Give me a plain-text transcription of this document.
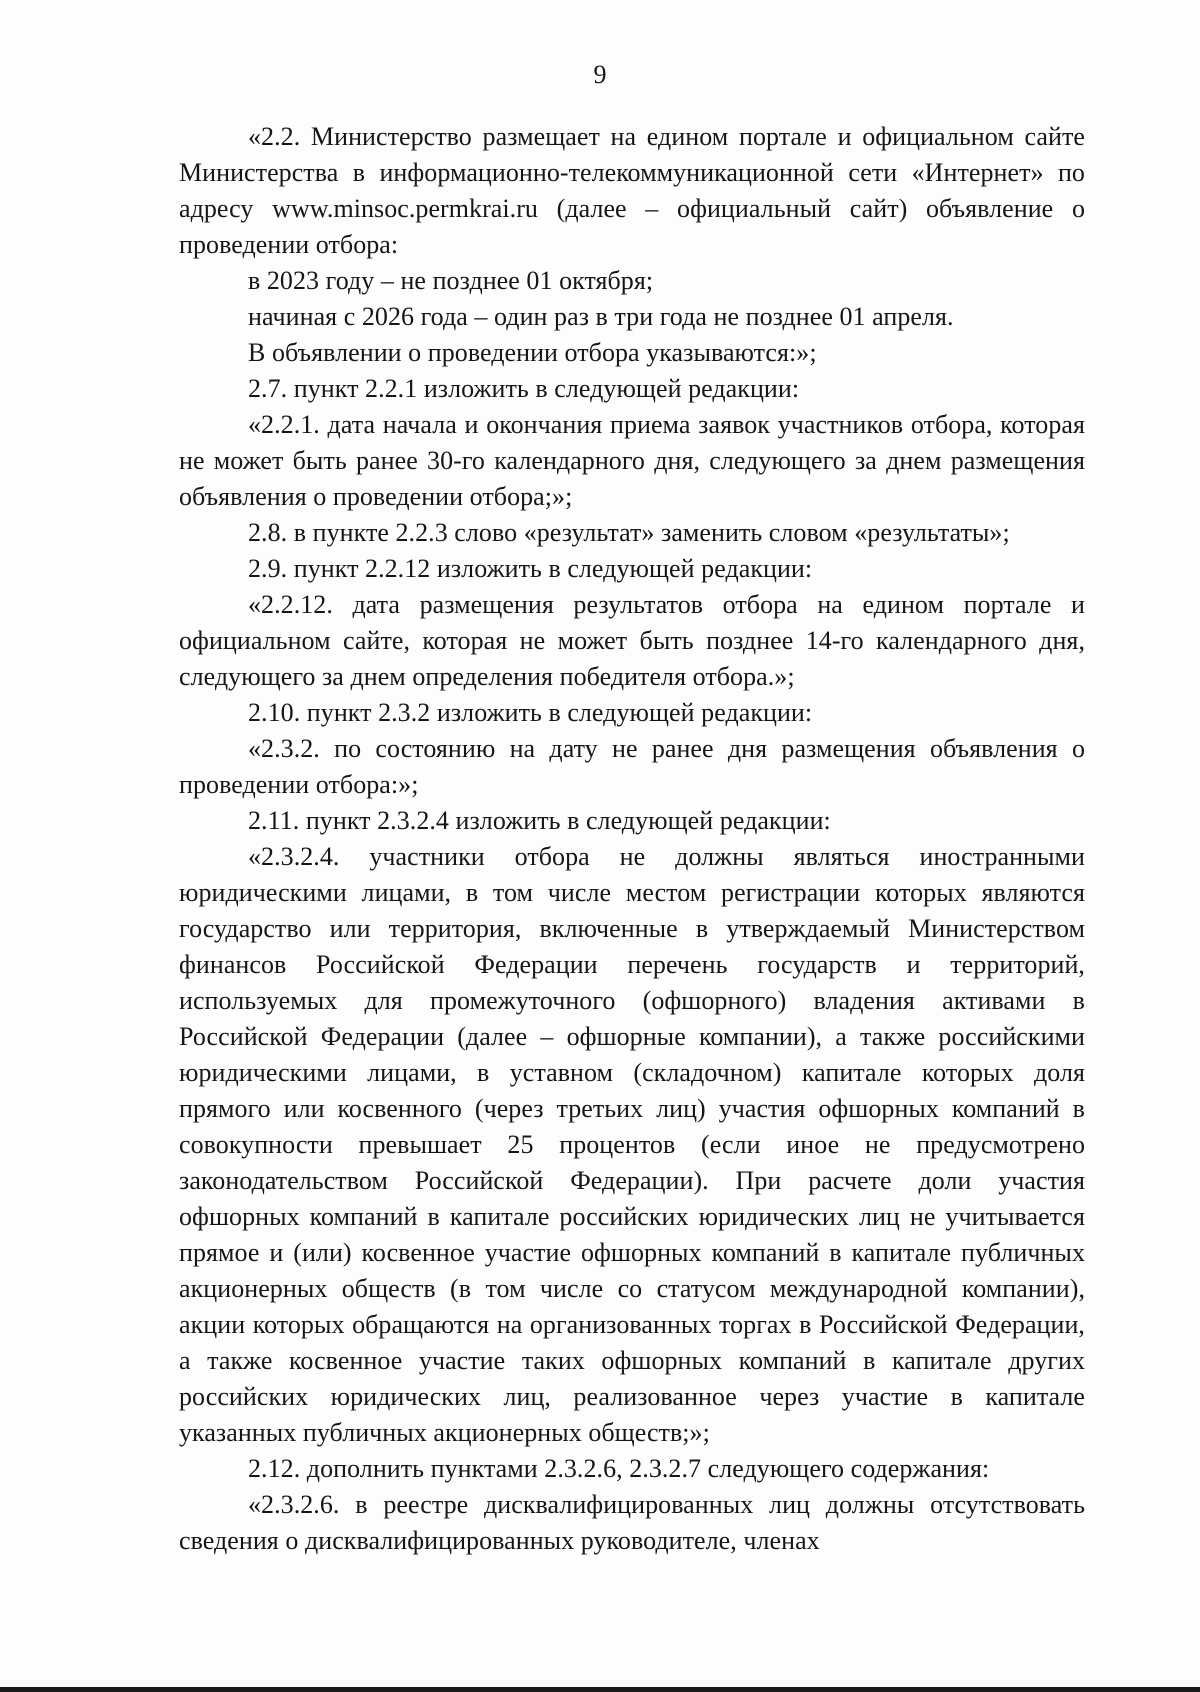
9

«2.2. Министерство размещает на едином портале и официальном сайте Министерства в информационно-телекоммуникационной сети «Интернет» по адресу www.minsoc.permkrai.ru (далее – официальный сайт) объявление о проведении отбора:

в 2023 году – не позднее 01 октября;

начиная с 2026 года – один раз в три года не позднее 01 апреля.

В объявлении о проведении отбора указываются:»;

2.7. пункт 2.2.1 изложить в следующей редакции:

«2.2.1. дата начала и окончания приема заявок участников отбора, которая не может быть ранее 30-го календарного дня, следующего за днем размещения объявления о проведении отбора;»;

2.8. в пункте 2.2.3 слово «результат» заменить словом «результаты»;

2.9. пункт 2.2.12 изложить в следующей редакции:

«2.2.12. дата размещения результатов отбора на едином портале и официальном сайте, которая не может быть позднее 14-го календарного дня, следующего за днем определения победителя отбора.»;

2.10. пункт 2.3.2 изложить в следующей редакции:

«2.3.2. по состоянию на дату не ранее дня размещения объявления о проведении отбора:»;

2.11. пункт 2.3.2.4 изложить в следующей редакции:

«2.3.2.4. участники отбора не должны являться иностранными юридическими лицами, в том числе местом регистрации которых являются государство или территория, включенные в утверждаемый Министерством финансов Российской Федерации перечень государств и территорий, используемых для промежуточного (офшорного) владения активами в Российской Федерации (далее – офшорные компании), а также российскими юридическими лицами, в уставном (складочном) капитале которых доля прямого или косвенного (через третьих лиц) участия офшорных компаний в совокупности превышает 25 процентов (если иное не предусмотрено законодательством Российской Федерации). При расчете доли участия офшорных компаний в капитале российских юридических лиц не учитывается прямое и (или) косвенное участие офшорных компаний в капитале публичных акционерных обществ (в том числе со статусом международной компании), акции которых обращаются на организованных торгах в Российской Федерации, а также косвенное участие таких офшорных компаний в капитале других российских юридических лиц, реализованное через участие в капитале указанных публичных акционерных обществ;»;

2.12. дополнить пунктами 2.3.2.6, 2.3.2.7 следующего содержания:

«2.3.2.6. в реестре дисквалифицированных лиц должны отсутствовать сведения о дисквалифицированных руководителе, членах
